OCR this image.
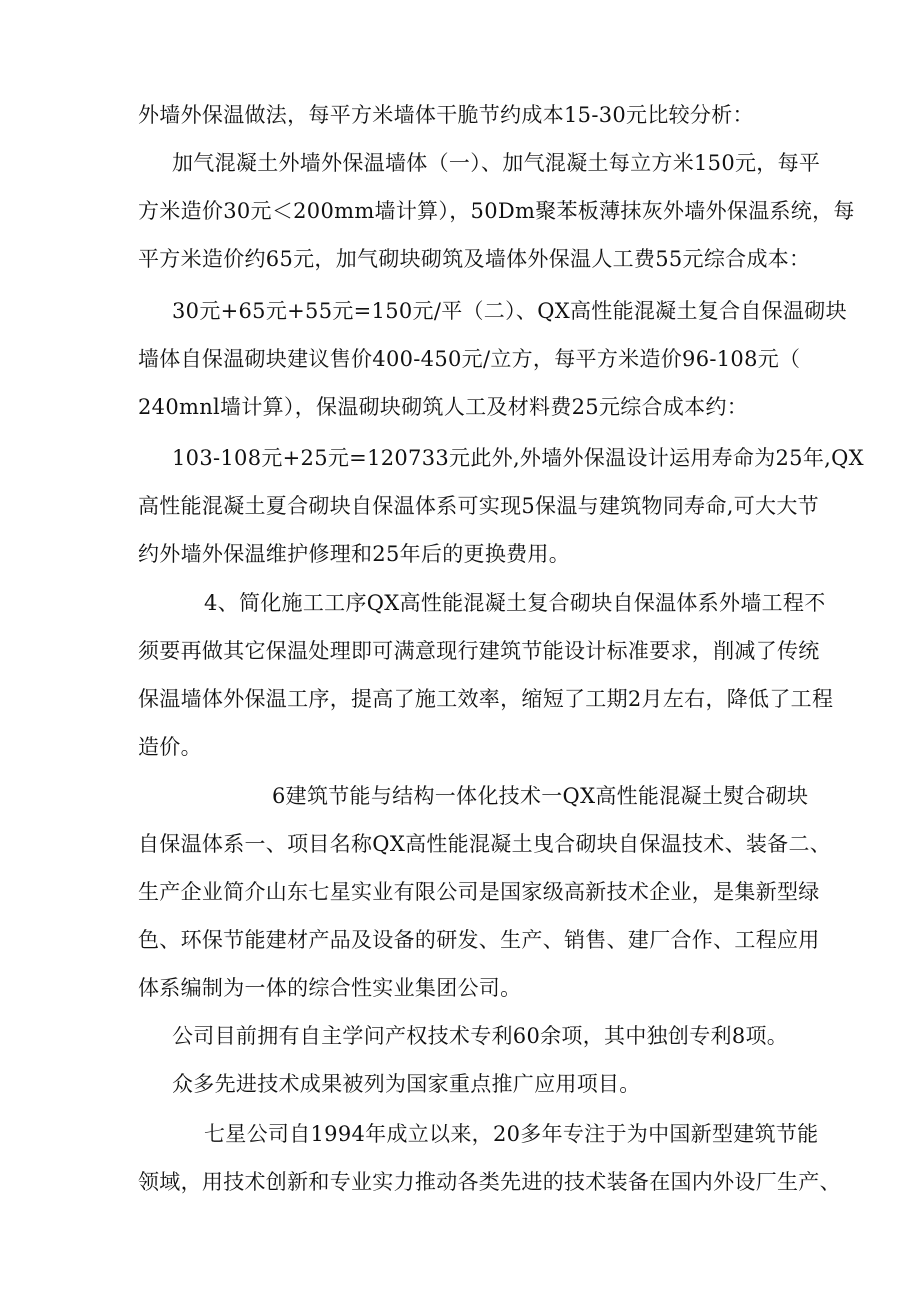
外墙外保温做法，每平方米墙体干脆节约成本15-30元比较分析：
加气混凝土外墙外保温墙体（一）、加气混凝土每立方米150元，每平
方米造价30元＜200mm墙计算），50Dm聚苯板薄抹灰外墙外保温系统，每
平方米造价约65元，加气砌块砌筑及墙体外保温人工费55元综合成本：
30元+65元+55元=150元/平（二）、QX高性能混凝土复合自保温砌块
墙体自保温砌块建议售价400-450元/立方，每平方米造价96-108元（
240mnl墙计算），保温砌块砌筑人工及材料费25元综合成本约：
103-108元+25元=120733元此外,外墙外保温设计运用寿命为25年,QX
高性能混凝土夏合砌块自保温体系可实现5保温与建筑物同寿命,可大大节
约外墙外保温维护修理和25年后的更换费用。
4、简化施工工序QX高性能混凝土复合砌块自保温体系外墙工程不
须要再做其它保温处理即可满意现行建筑节能设计标准要求，削减了传统
保温墙体外保温工序，提高了施工效率，缩短了工期2月左右，降低了工程
造价。
6建筑节能与结构一体化技术一QX高性能混凝土熨合砌块
自保温体系一、项目名称QX高性能混凝土曳合砌块自保温技术、装备二、
生产企业简介山东七星实业有限公司是国家级高新技术企业，是集新型绿
色、环保节能建材产品及设备的研发、生产、销售、建厂合作、工程应用
体系编制为一体的综合性实业集团公司。
公司目前拥有自主学问产权技术专利60余项，其中独创专利8项。
众多先进技术成果被列为国家重点推广应用项目。
七星公司自1994年成立以来，20多年专注于为中国新型建筑节能
领域，用技术创新和专业实力推动各类先进的技术装备在国内外设厂生产、
